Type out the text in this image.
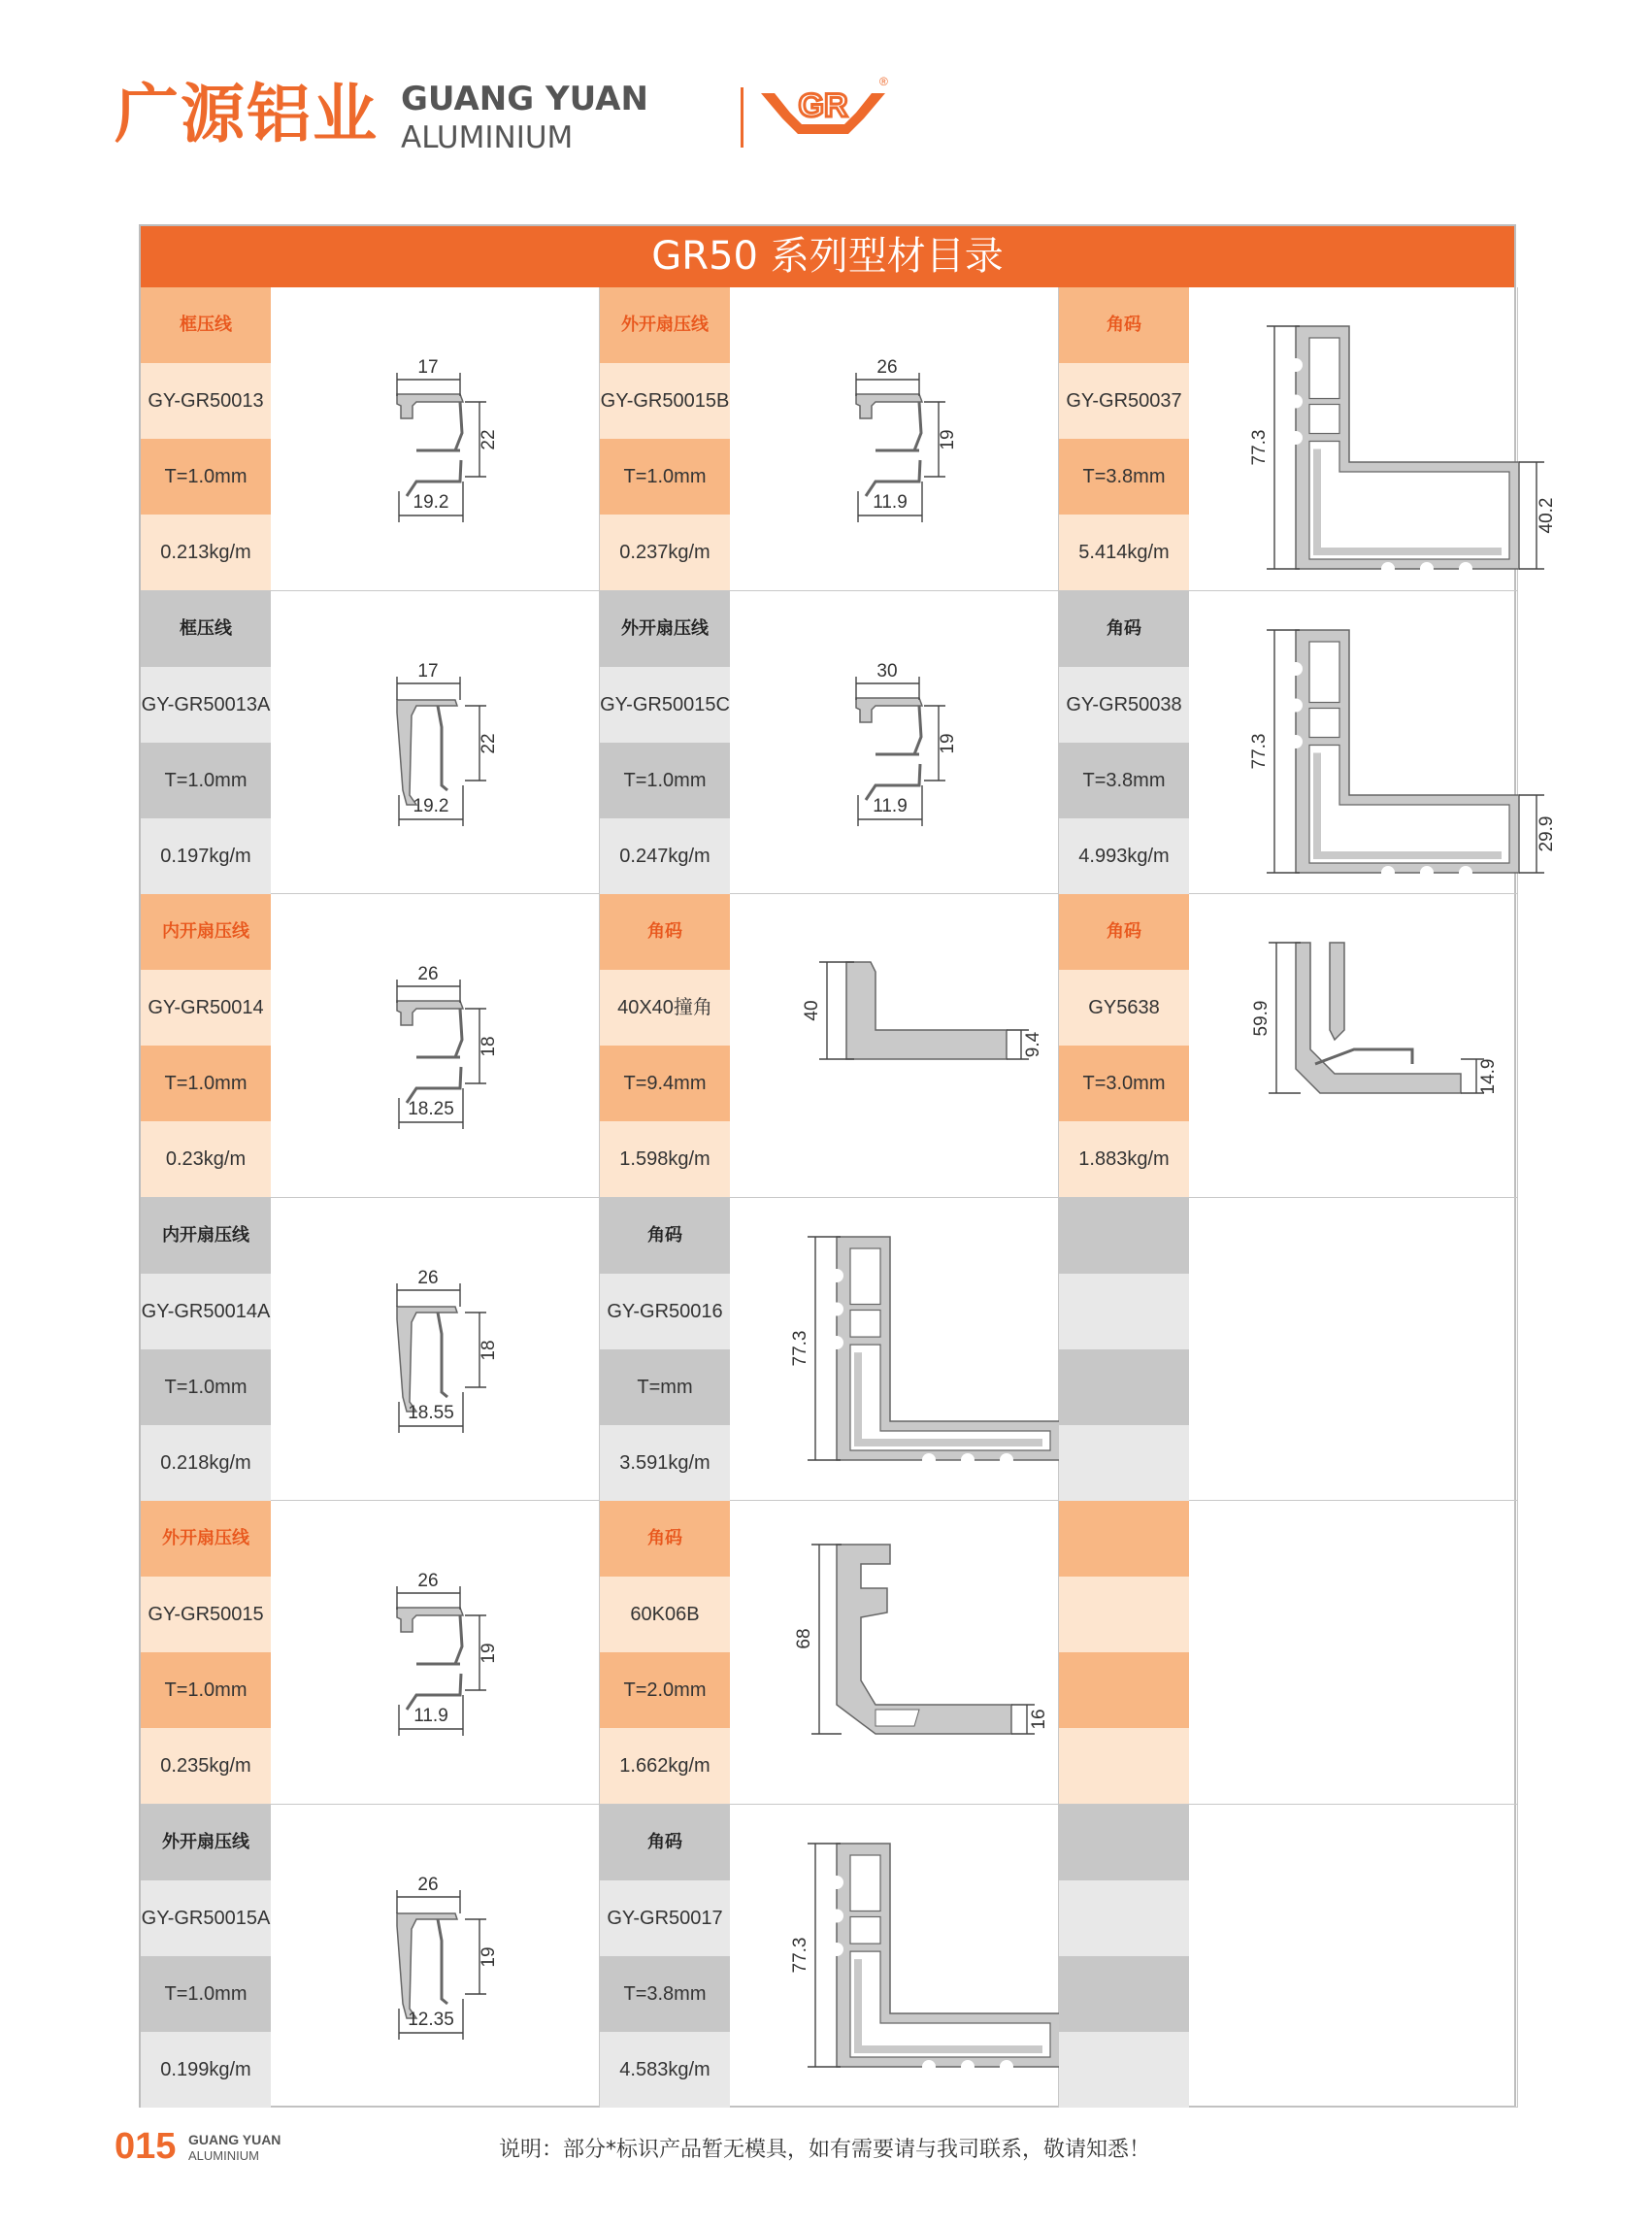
广源铝业 GUANG YUAN
ALUMINIUM
GR
®
GR50 系列型材目录
框压线
GY-GR50013
T=1.0mm
0.213kg/m
17
22
19.2
框压线
GY-GR50013A
T=1.0mm
0.197kg/m
17
22
19.2
内开扇压线
GY-GR50014
T=1.0mm
0.23kg/m
26
18
18.25
内开扇压线
GY-GR50014A
T=1.0mm
0.218kg/m
26
18
18.55
外开扇压线
GY-GR50015
T=1.0mm
0.235kg/m
26
19
11.9
外开扇压线
GY-GR50015A
T=1.0mm
0.199kg/m
26
19
12.35
外开扇压线
GY-GR50015B
T=1.0mm
0.237kg/m
26
19
11.9
外开扇压线
GY-GR50015C
T=1.0mm
0.247kg/m
30
19
11.9
角码
40X40撞角
T=9.4mm
1.598kg/m
40
9.4
角码
GY-GR50016
T=mm
3.591kg/m
77.3
角码
60K06B
T=2.0mm
1.662kg/m
68
16
角码
GY-GR50017
T=3.8mm
4.583kg/m
77.3
角码
GY-GR50037
T=3.8mm
5.414kg/m
77.3
40.2
角码
GY-GR50038
T=3.8mm
4.993kg/m
77.3
29.9
角码
GY5638
T=3.0mm
1.883kg/m
59.9
14.9
015 GUANG YUAN
ALUMINIUM	说明：部分*标识产品暂无模具，如有需要请与我司联系，敬请知悉！
